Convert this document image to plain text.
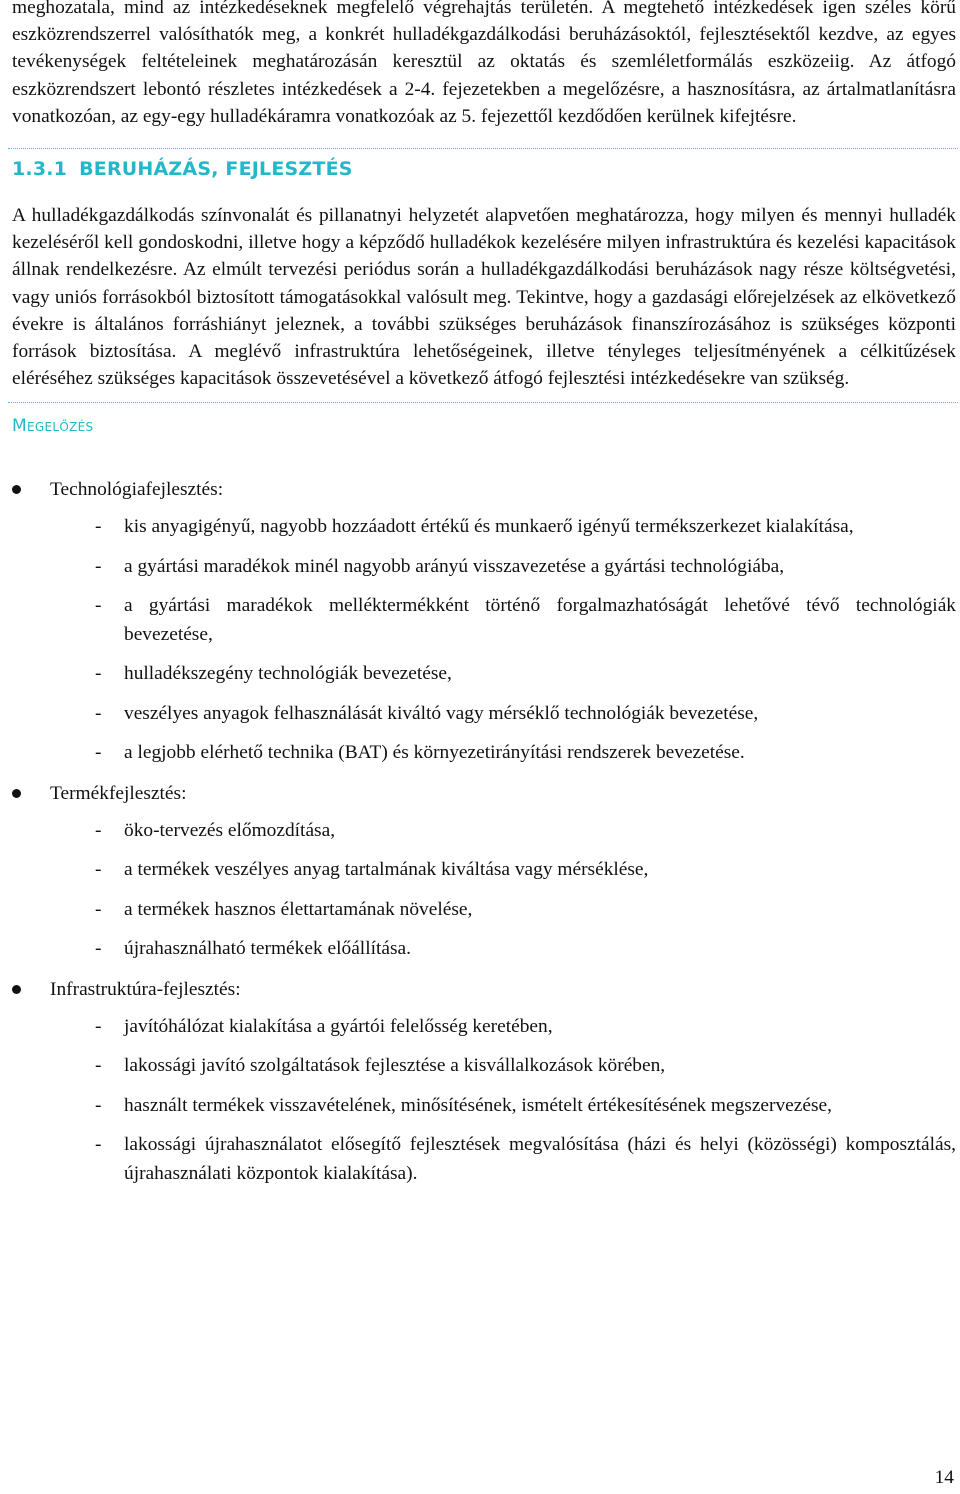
meghozatala, mind az intézkedéseknek megfelelő végrehajtás területén. A megtehető intézkedések igen széles körű eszközrendszerrel valósíthatók meg, a konkrét hulladékgazdálkodási beruházásoktól, fejlesztésektől kezdve, az egyes tevékenységek feltételeinek meghatározásán keresztül az oktatás és szemléletformálás eszközeiig. Az átfogó eszközrendszert lebontó részletes intézkedések a 2-4. fejezetekben a megelőzésre, a hasznosításra, az ártalmatlanításra vonatkozóan, az egy-egy hulladékáramra vonatkozóak az 5. fejezettől kezdődően kerülnek kifejtésre.

1.3.1 BERUHÁZÁS, FEJLESZTÉS

A hulladékgazdálkodás színvonalát és pillanatnyi helyzetét alapvetően meghatározza, hogy milyen és mennyi hulladék kezeléséről kell gondoskodni, illetve hogy a képződő hulladékok kezelésére milyen infrastruktúra és kezelési kapacitások állnak rendelkezésre. Az elmúlt tervezési periódus során a hulladékgazdálkodási beruházások nagy része költségvetési, vagy uniós forrásokból biztosított támogatásokkal valósult meg. Tekintve, hogy a gazdasági előrejelzések az elkövetkező évekre is általános forráshiányt jeleznek, a további szükséges beruházások finanszírozásához is szükséges központi források biztosítása. A meglévő infrastruktúra lehetőségeinek, illetve tényleges teljesítményének a célkitűzések eléréséhez szükséges kapacitások összevetésével a következő átfogó fejlesztési intézkedésekre van szükség.

Megelőzés
Technológiafejlesztés:
- kis anyagigényű, nagyobb hozzáadott értékű és munkaerő igényű termékszerkezet kialakítása,
- a gyártási maradékok minél nagyobb arányú visszavezetése a gyártási technológiába,
- a gyártási maradékok melléktermékként történő forgalmazhatóságát lehetővé tévő technológiák bevezetése,
- hulladékszegény technológiák bevezetése,
- veszélyes anyagok felhasználását kiváltó vagy mérséklő technológiák bevezetése,
- a legjobb elérhető technika (BAT) és környezetirányítási rendszerek bevezetése.
Termékfejlesztés:
- öko-tervezés előmozdítása,
- a termékek veszélyes anyag tartalmának kiváltása vagy mérséklése,
- a termékek hasznos élettartamának növelése,
- újrahasználható termékek előállítása.
Infrastruktúra-fejlesztés:
- javítóhálózat kialakítása a gyártói felelősség keretében,
- lakossági javító szolgáltatások fejlesztése a kisvállalkozások körében,
- használt termékek visszavételének, minősítésének, ismételt értékesítésének megszervezése,
- lakossági újrahasználatot elősegítő fejlesztések megvalósítása (házi és helyi (közösségi) komposztálás, újrahasználati központok kialakítása).
14
